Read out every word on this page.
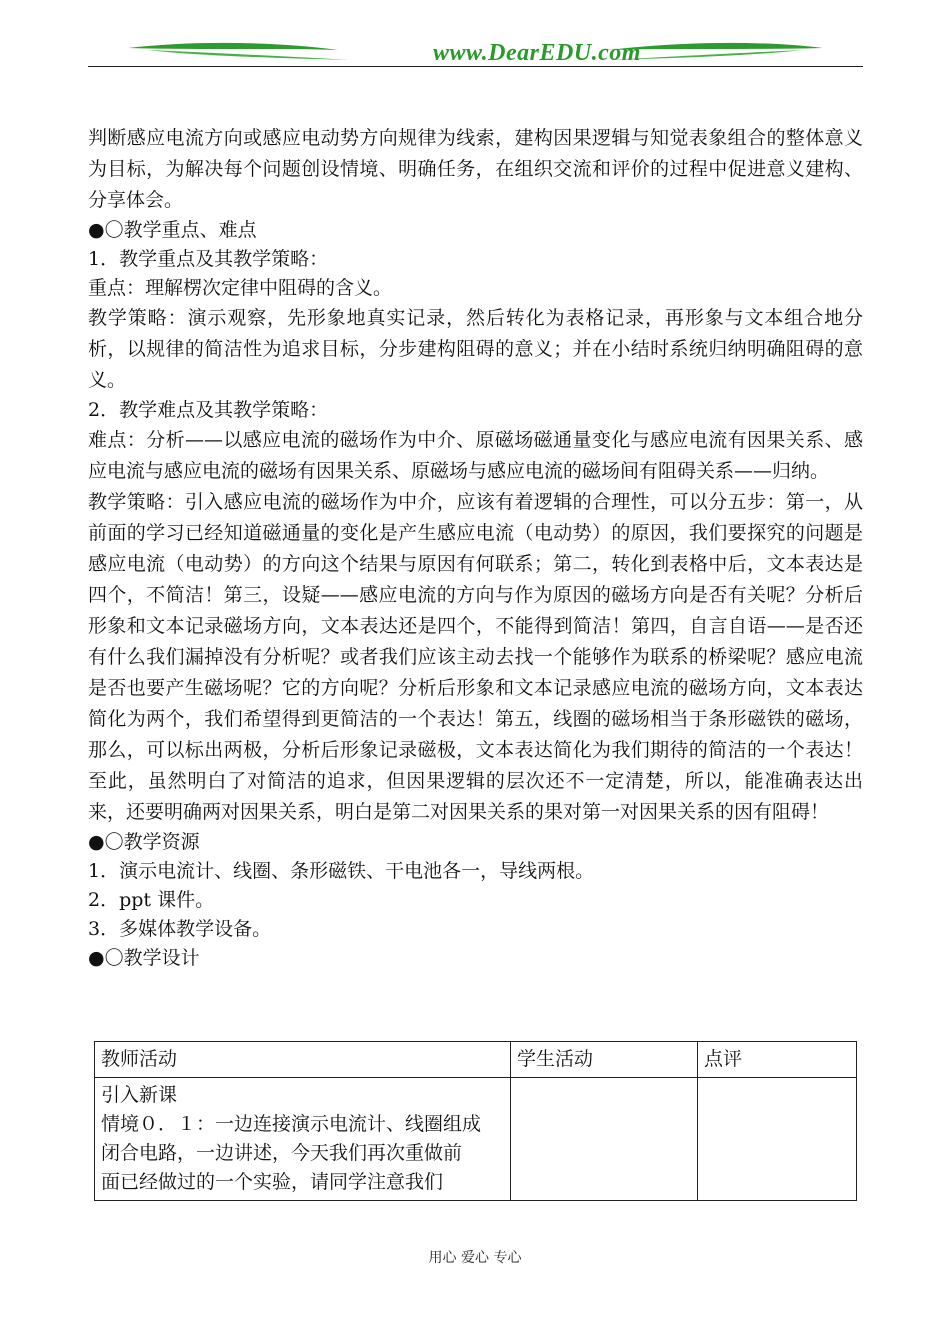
www.DearEDU.com

判断感应电流方向或感应电动势方向规律为线索，建构因果逻辑与知觉表象组合的整体意义为目标，为解决每个问题创设情境、明确任务，在组织交流和评价的过程中促进意义建构、分享体会。

●〇教学重点、难点

1．教学重点及其教学策略：

重点：理解楞次定律中阻碍的含义。

教学策略：演示观察，先形象地真实记录，然后转化为表格记录，再形象与文本组合地分析，以规律的简洁性为追求目标，分步建构阻碍的意义；并在小结时系统归纳明确阻碍的意义。

2．教学难点及其教学策略：

难点：分析——以感应电流的磁场作为中介、原磁场磁通量变化与感应电流有因果关系、感应电流与感应电流的磁场有因果关系、原磁场与感应电流的磁场间有阻碍关系——归纳。

教学策略：引入感应电流的磁场作为中介，应该有着逻辑的合理性，可以分五步：第一，从前面的学习已经知道磁通量的变化是产生感应电流（电动势）的原因，我们要探究的问题是感应电流（电动势）的方向这个结果与原因有何联系；第二，转化到表格中后，文本表达是四个，不简洁！第三，设疑——感应电流的方向与作为原因的磁场方向是否有关呢？分析后形象和文本记录磁场方向，文本表达还是四个，不能得到简洁！第四，自言自语——是否还有什么我们漏掉没有分析呢？或者我们应该主动去找一个能够作为联系的桥梁呢？感应电流是否也要产生磁场呢？它的方向呢？分析后形象和文本记录感应电流的磁场方向，文本表达简化为两个，我们希望得到更简洁的一个表达！第五，线圈的磁场相当于条形磁铁的磁场，那么，可以标出两极，分析后形象记录磁极，文本表达简化为我们期待的简洁的一个表达！至此，虽然明白了对简洁的追求，但因果逻辑的层次还不一定清楚，所以，能准确表达出来，还要明确两对因果关系，明白是第二对因果关系的果对第一对因果关系的因有阻碍！

●〇教学资源

1．演示电流计、线圈、条形磁铁、干电池各一，导线两根。

2．ppt 课件。

3．多媒体教学设备。

●〇教学设计

教师活动	学生活动	点评

引入新课
情境０．１：一边连接演示电流计、线圈组成
闭合电路，一边讲述，今天我们再次重做前
面已经做过的一个实验，请同学注意我们		

用心 爱心 专心
